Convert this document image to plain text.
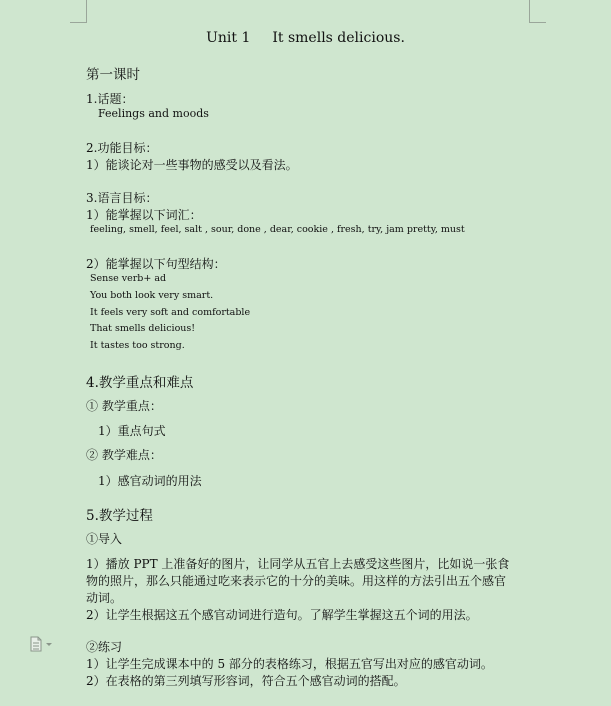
Unit 1 It smells delicious.
第一课时
1.话题：
Feelings and moods
2.功能目标：
1）能谈论对一些事物的感受以及看法。
3.语言目标：
1）能掌握以下词汇：
feeling, smell, feel, salt , sour, done , dear, cookie , fresh, try, jam pretty, must
2）能掌握以下句型结构：
Sense verb+ ad
You both look very smart.
It feels very soft and comfortable
That smells delicious!
It tastes too strong.
4.教学重点和难点
① 教学重点：
1）重点句式
② 教学难点：
1）感官动词的用法
5.教学过程
①导入
1）播放 PPT 上准备好的图片，让同学从五官上去感受这些图片，比如说一张食
物的照片，那么只能通过吃来表示它的十分的美味。用这样的方法引出五个感官
动词。
2）让学生根据这五个感官动词进行造句。了解学生掌握这五个词的用法。
②练习
1）让学生完成课本中的 5 部分的表格练习，根据五官写出对应的感官动词。
2）在表格的第三列填写形容词，符合五个感官动词的搭配。
